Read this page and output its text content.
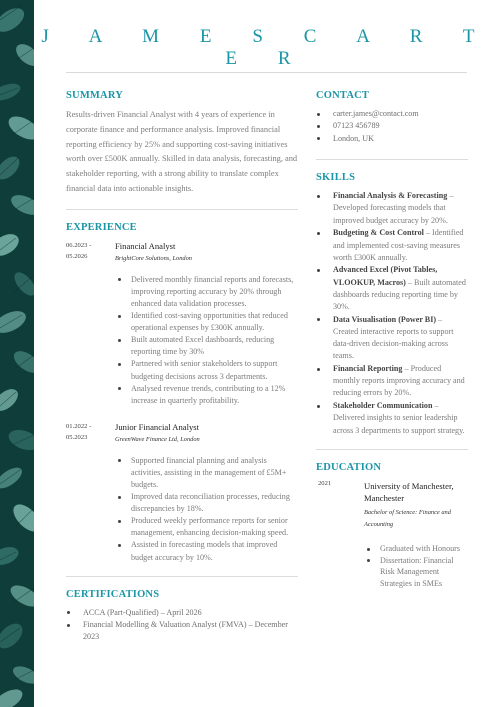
J A M E S C A R T E R
SUMMARY

Results-driven Financial Analyst with 4 years of experience in corporate finance and performance analysis. Improved financial reporting efficiency by 25% and supporting cost-saving initiatives worth over £500K annually. Skilled in data analysis, forecasting, and stakeholder reporting, with a strong ability to translate complex financial data into actionable insights.

EXPERIENCE
06.2023 - 05.2026
Financial Analyst
BrightCore Solutions, London
Delivered monthly financial reports and forecasts, improving reporting accuracy by 20% through enhanced data validation processes.
Identified cost-saving opportunities that reduced operational expenses by £300K annually.
Built automated Excel dashboards, reducing reporting time by 30%
Partnered with senior stakeholders to support budgeting decisions across 3 departments.
Analysed revenue trends, contributing to a 12% increase in quarterly profitability.
01.2022 - 05.2023
Junior Financial Analyst
GreenWave Finance Ltd, London
Supported financial planning and analysis activities, assisting in the management of £5M+ budgets.
Improved data reconciliation processes, reducing discrepancies by 18%.
Produced weekly performance reports for senior management, enhancing decision-making speed.
Assisted in forecasting models that improved budget accuracy by 10%.
CERTIFICATIONS
ACCA (Part-Qualified) – April 2026
Financial Modelling & Valuation Analyst (FMVA) – December 2023
CONTACT
carter.james@contact.com
07123 456789
London, UK
SKILLS
Financial Analysis & Forecasting – Developed forecasting models that improved budget accuracy by 20%.
Budgeting & Cost Control – Identified and implemented cost-saving measures worth £300K annually.
Advanced Excel (Pivot Tables, VLOOKUP, Macros) – Built automated dashboards reducing reporting time by 30%.
Data Visualisation (Power BI) – Created interactive reports to support data-driven decision-making across teams.
Financial Reporting – Produced monthly reports improving accuracy and reducing errors by 20%.
Stakeholder Communication – Delivered insights to senior leadership across 3 departments to support strategy.
EDUCATION
2021	University of Manchester, Manchester
Bachelor of Science: Finance and Accounting
Graduated with Honours
Dissertation: Financial Risk Management Strategies in SMEs
